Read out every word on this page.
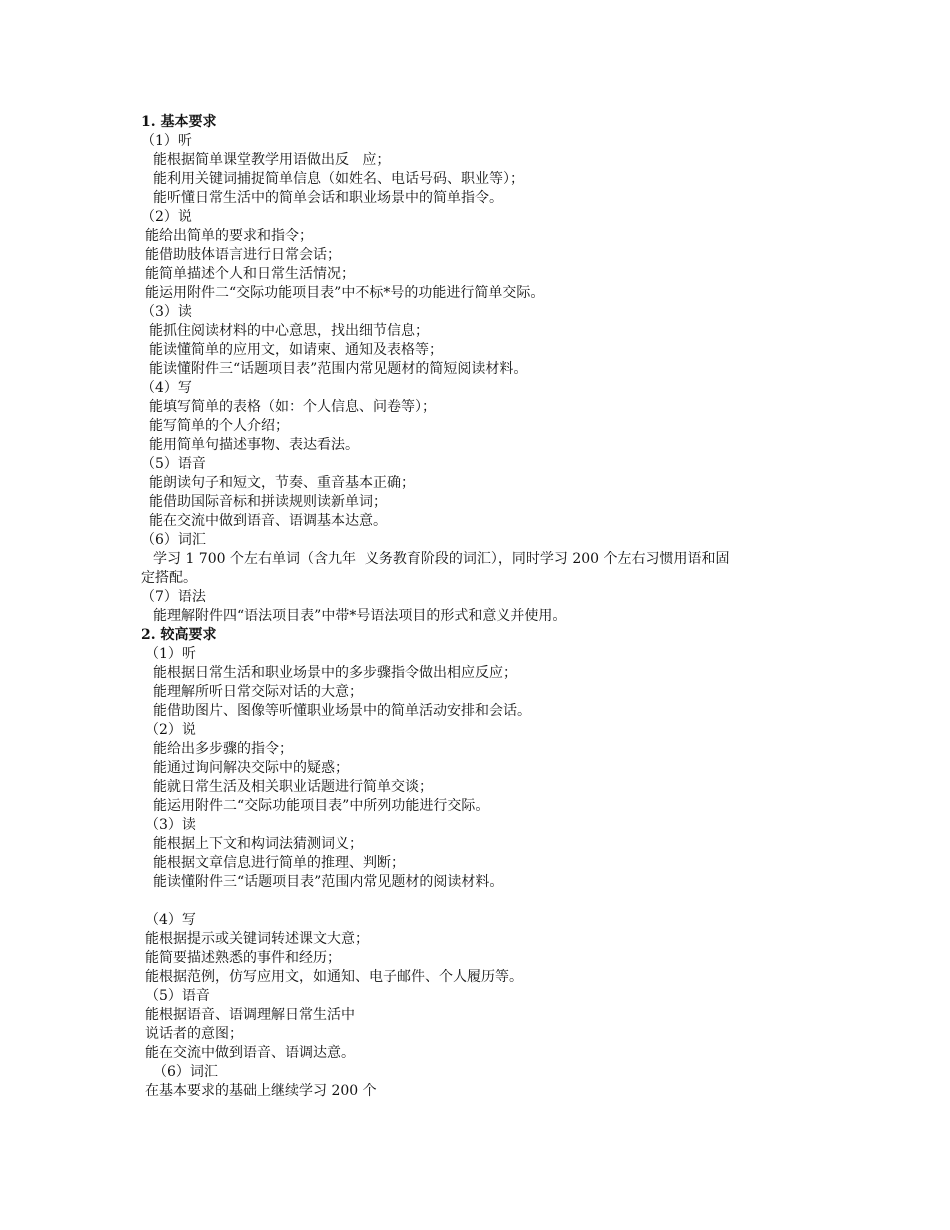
1. 基本要求
（1）听
能根据简单课堂教学用语做出反   应；
能利用关键词捕捉简单信息（如姓名、电话号码、职业等）；
能听懂日常生活中的简单会话和职业场景中的简单指令。
（2）说
能给出简单的要求和指令；
能借助肢体语言进行日常会话；
能简单描述个人和日常生活情况；
能运用附件二“交际功能项目表”中不标*号的功能进行简单交际。
（3）读
能抓住阅读材料的中心意思，找出细节信息；
能读懂简单的应用文，如请柬、通知及表格等；
能读懂附件三“话题项目表”范围内常见题材的简短阅读材料。
（4）写
能填写简单的表格（如：个人信息、问卷等）；
能写简单的个人介绍；
能用简单句描述事物、表达看法。
（5）语音
能朗读句子和短文，节奏、重音基本正确；
能借助国际音标和拼读规则读新单词；
能在交流中做到语音、语调基本达意。
（6）词汇
学习 1 700 个左右单词（含九年  义务教育阶段的词汇），同时学习 200 个左右习惯用语和固
定搭配。
（7）语法
能理解附件四“语法项目表”中带*号语法项目的形式和意义并使用。
2. 较高要求
（1）听
能根据日常生活和职业场景中的多步骤指令做出相应反应；
能理解所听日常交际对话的大意；
能借助图片、图像等听懂职业场景中的简单活动安排和会话。
（2）说
能给出多步骤的指令；
能通过询问解决交际中的疑惑；
能就日常生活及相关职业话题进行简单交谈；
能运用附件二“交际功能项目表”中所列功能进行交际。
（3）读
能根据上下文和构词法猜测词义；
能根据文章信息进行简单的推理、判断；
能读懂附件三“话题项目表”范围内常见题材的阅读材料。
（4）写
能根据提示或关键词转述课文大意；
能简要描述熟悉的事件和经历；
能根据范例，仿写应用文，如通知、电子邮件、个人履历等。
（5）语音
能根据语音、语调理解日常生活中
说话者的意图；
能在交流中做到语音、语调达意。
（6）词汇
在基本要求的基础上继续学习 200 个
